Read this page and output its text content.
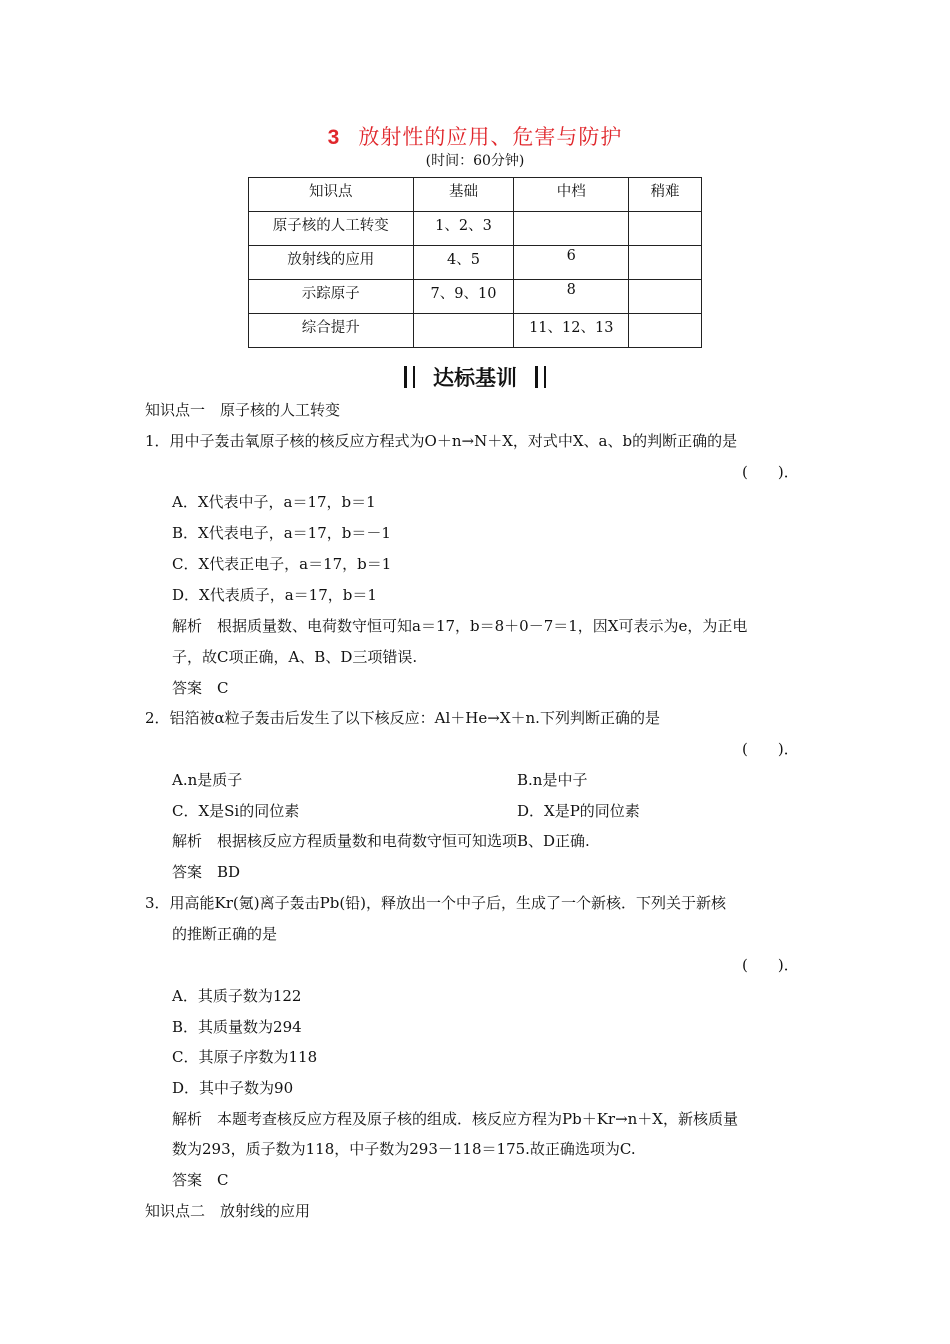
3 放射性的应用、危害与防护
(时间：60分钟)
知识点	基础	中档	稍难
原子核的人工转变	1、2、3		
放射线的应用	4、5	6	
示踪原子	7、9、10	8	
综合提升		11、12、13	
达标基训
知识点一　原子核的人工转变
1．用中子轰击氧原子核的核反应方程式为O＋n→N＋X，对式中X、a、b的判断正确的是
(　　)．
A．X代表中子，a＝17，b＝1
B．X代表电子，a＝17，b＝－1
C．X代表正电子，a＝17，b＝1
D．X代表质子，a＝17，b＝1
解析　根据质量数、电荷数守恒可知a＝17，b＝8＋0－7＝1，因X可表示为e，为正电
子，故C项正确，A、B、D三项错误.
答案　C
2．铝箔被α粒子轰击后发生了以下核反应：Al＋He→X＋n.下列判断正确的是
(　　)．
A.n是质子	B.n是中子
C．X是Si的同位素	D．X是P的同位素
解析　根据核反应方程质量数和电荷数守恒可知选项B、D正确.
答案　BD
3．用高能Kr(氪)离子轰击Pb(铅)，释放出一个中子后，生成了一个新核．下列关于新核
的推断正确的是
(　　)．
A．其质子数为122
B．其质量数为294
C．其原子序数为118
D．其中子数为90
解析　本题考查核反应方程及原子核的组成．核反应方程为Pb＋Kr→n＋X，新核质量
数为293，质子数为118，中子数为293－118＝175.故正确选项为C.
答案　C
知识点二　放射线的应用
